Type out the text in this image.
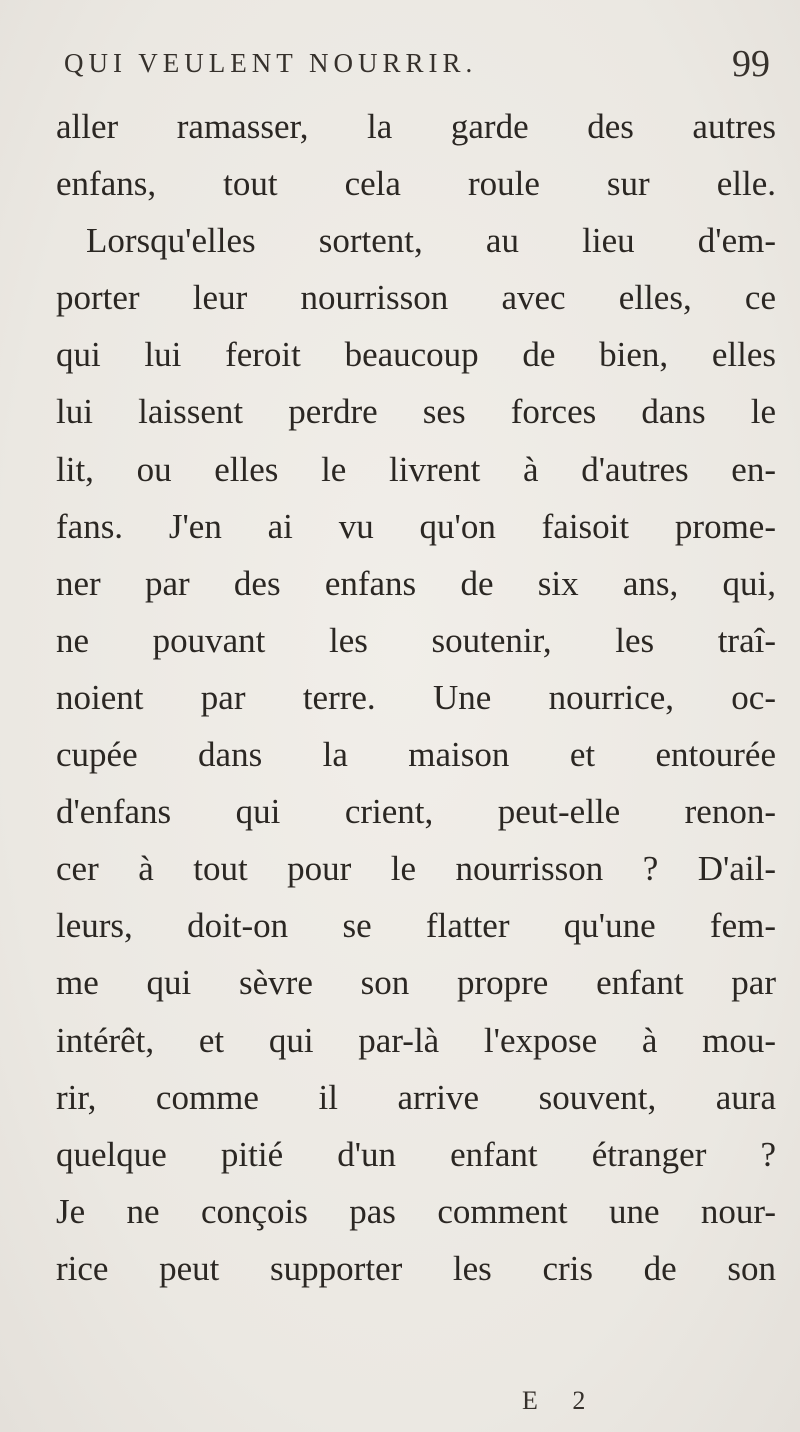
QUI VEULENT NOURRIR.	99
aller ramasser, la garde des autres
enfans, tout cela roule sur elle.
Lorsqu'elles sortent, au lieu d'em-
porter leur nourrisson avec elles, ce
qui lui feroit beaucoup de bien, elles
lui laissent perdre ses forces dans le
lit, ou elles le livrent à d'autres en-
fans. J'en ai vu qu'on faisoit prome-
ner par des enfans de six ans, qui,
ne pouvant les soutenir, les traî-
noient par terre. Une nourrice, oc-
cupée dans la maison et entourée
d'enfans qui crient, peut-elle renon-
cer à tout pour le nourrisson ? D'ail-
leurs, doit-on se flatter qu'une fem-
me qui sèvre son propre enfant par
intérêt, et qui par-là l'expose à mou-
rir, comme il arrive souvent, aura
quelque pitié d'un enfant étranger ?
Je ne conçois pas comment une nour-
rice peut supporter les cris de son
E 2
